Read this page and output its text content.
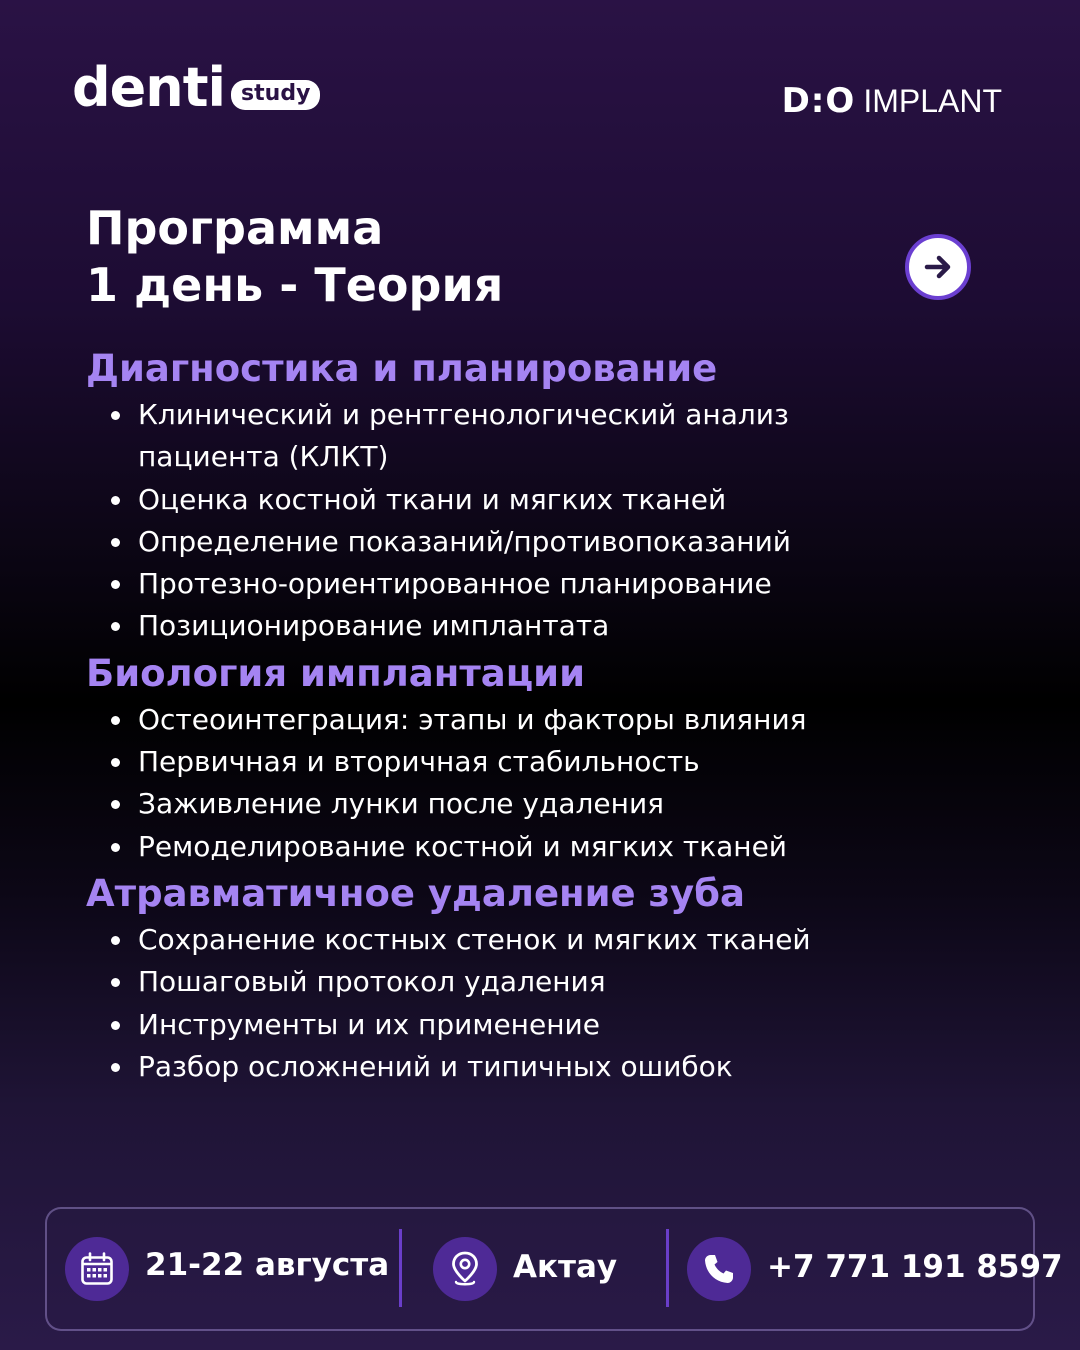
denti study	D:O IMPLANT
Программа
1 день - Теория
Диагностика и планирование
Клинический и рентгенологический анализ
пациента (КЛКТ)
Оценка костной ткани и мягких тканей
Определение показаний/противопоказаний
Протезно-ориентированное планирование
Позиционирование имплантата
Биология имплантации
Остеоинтеграция: этапы и факторы влияния
Первичная и вторичная стабильность
Заживление лунки после удаления
Ремоделирование костной и мягких тканей
Атравматичное удаление зуба
Сохранение костных стенок и мягких тканей
Пошаговый протокол удаления
Инструменты и их применение
Разбор осложнений и типичных ошибок
21-22 августа	Актау	+7 771 191 8597
